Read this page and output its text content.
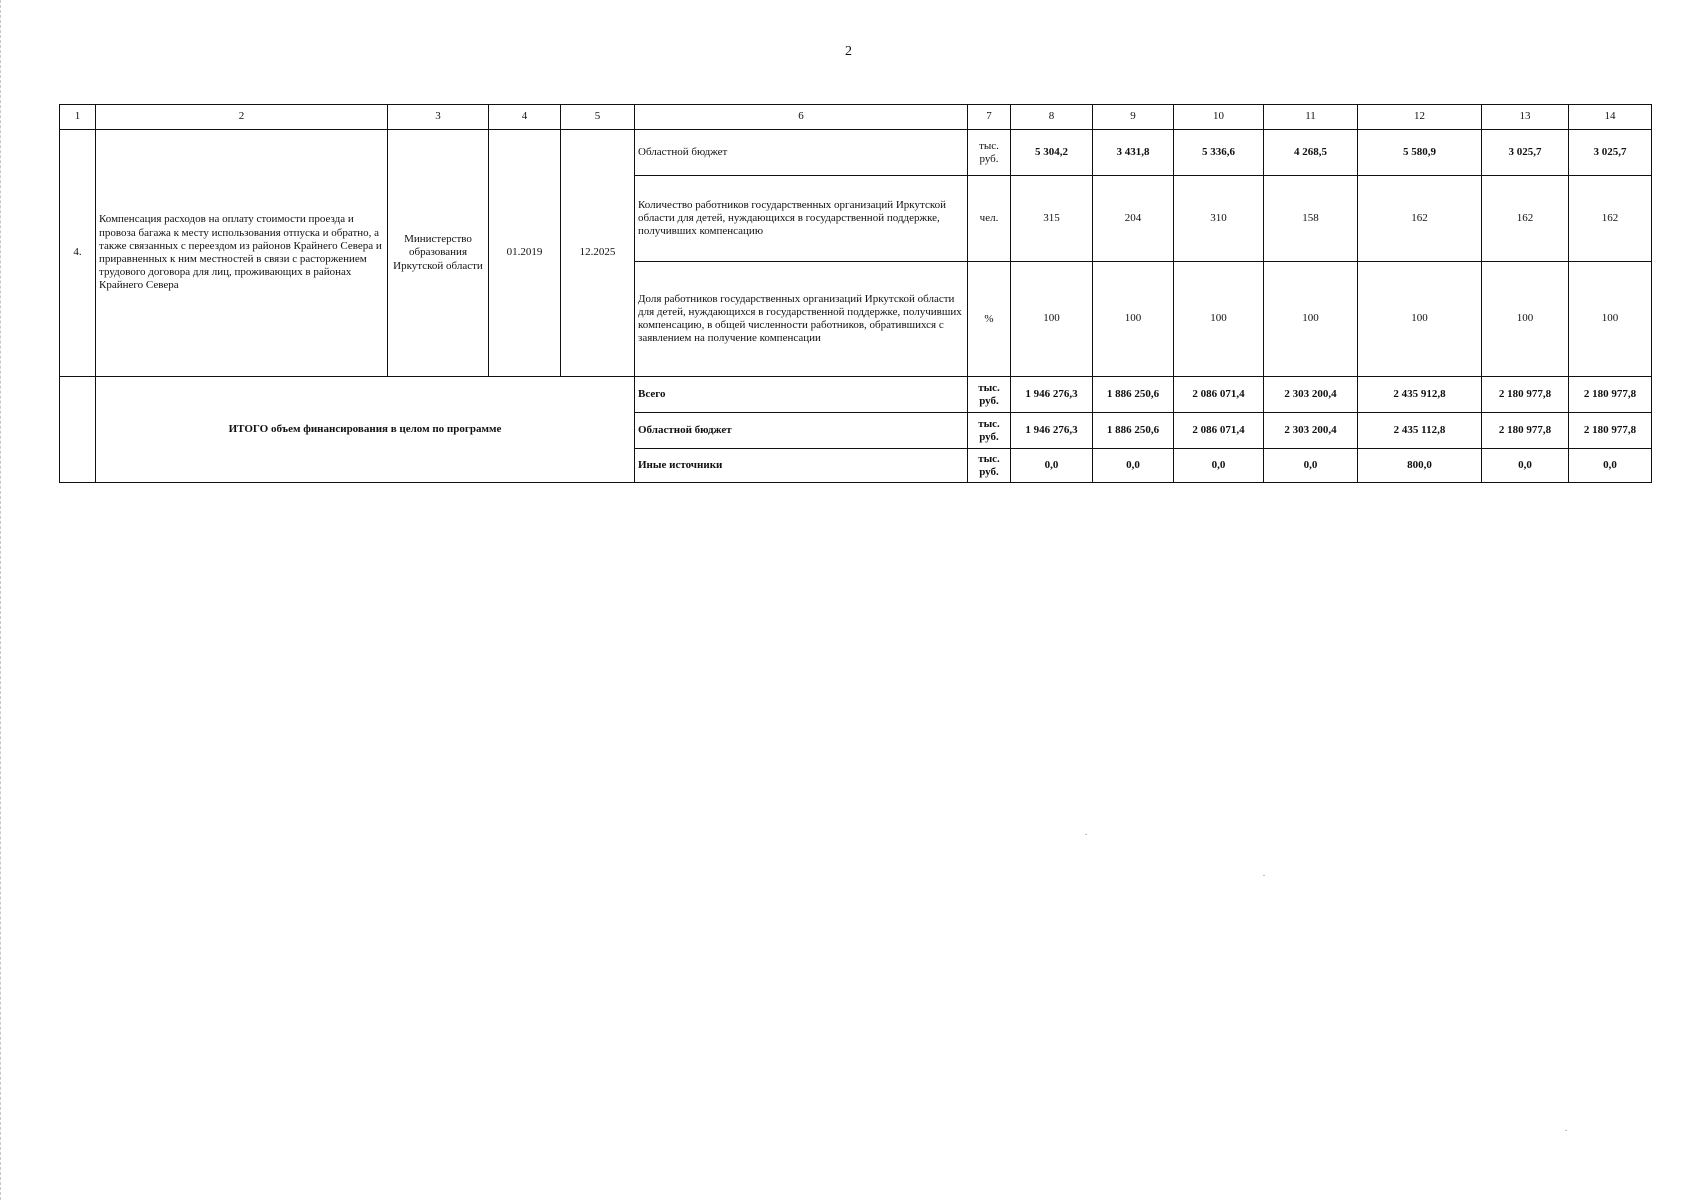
2
1	2	3	4	5	6	7	8	9	10	11	12	13	14
4.	Компенсация расходов на оплату стоимости проезда и провоза багажа к месту использования отпуска и обратно, а также связанных с переездом из районов Крайнего Севера и приравненных к ним местностей в связи с расторжением трудового договора для лиц, проживающих в районах Крайнего Севера	Министерство образования Иркутской области	01.2019	12.2025	Областной бюджет	тыс. руб.	5 304,2	3 431,8	5 336,6	4 268,5	5 580,9	3 025,7	3 025,7
					Количество работников государственных организаций Иркутской области для детей, нуждающихся в государственной поддержке, получивших компенсацию	чел.	315	204	310	158	162	162	162
					Доля работников государственных организаций Иркутской области для детей, нуждающихся в государственной поддержке, получивших компенсацию, в общей численности работников, обратившихся с заявлением на получение компенсации	%	100	100	100	100	100	100	100
	ИТОГО объем финансирования в целом по программе				Всего	тыс. руб.	1 946 276,3	1 886 250,6	2 086 071,4	2 303 200,4	2 435 912,8	2 180 977,8	2 180 977,8
					Областной бюджет	тыс. руб.	1 946 276,3	1 886 250,6	2 086 071,4	2 303 200,4	2 435 112,8	2 180 977,8	2 180 977,8
					Иные источники	тыс. руб.	0,0	0,0	0,0	0,0	800,0	0,0	0,0
